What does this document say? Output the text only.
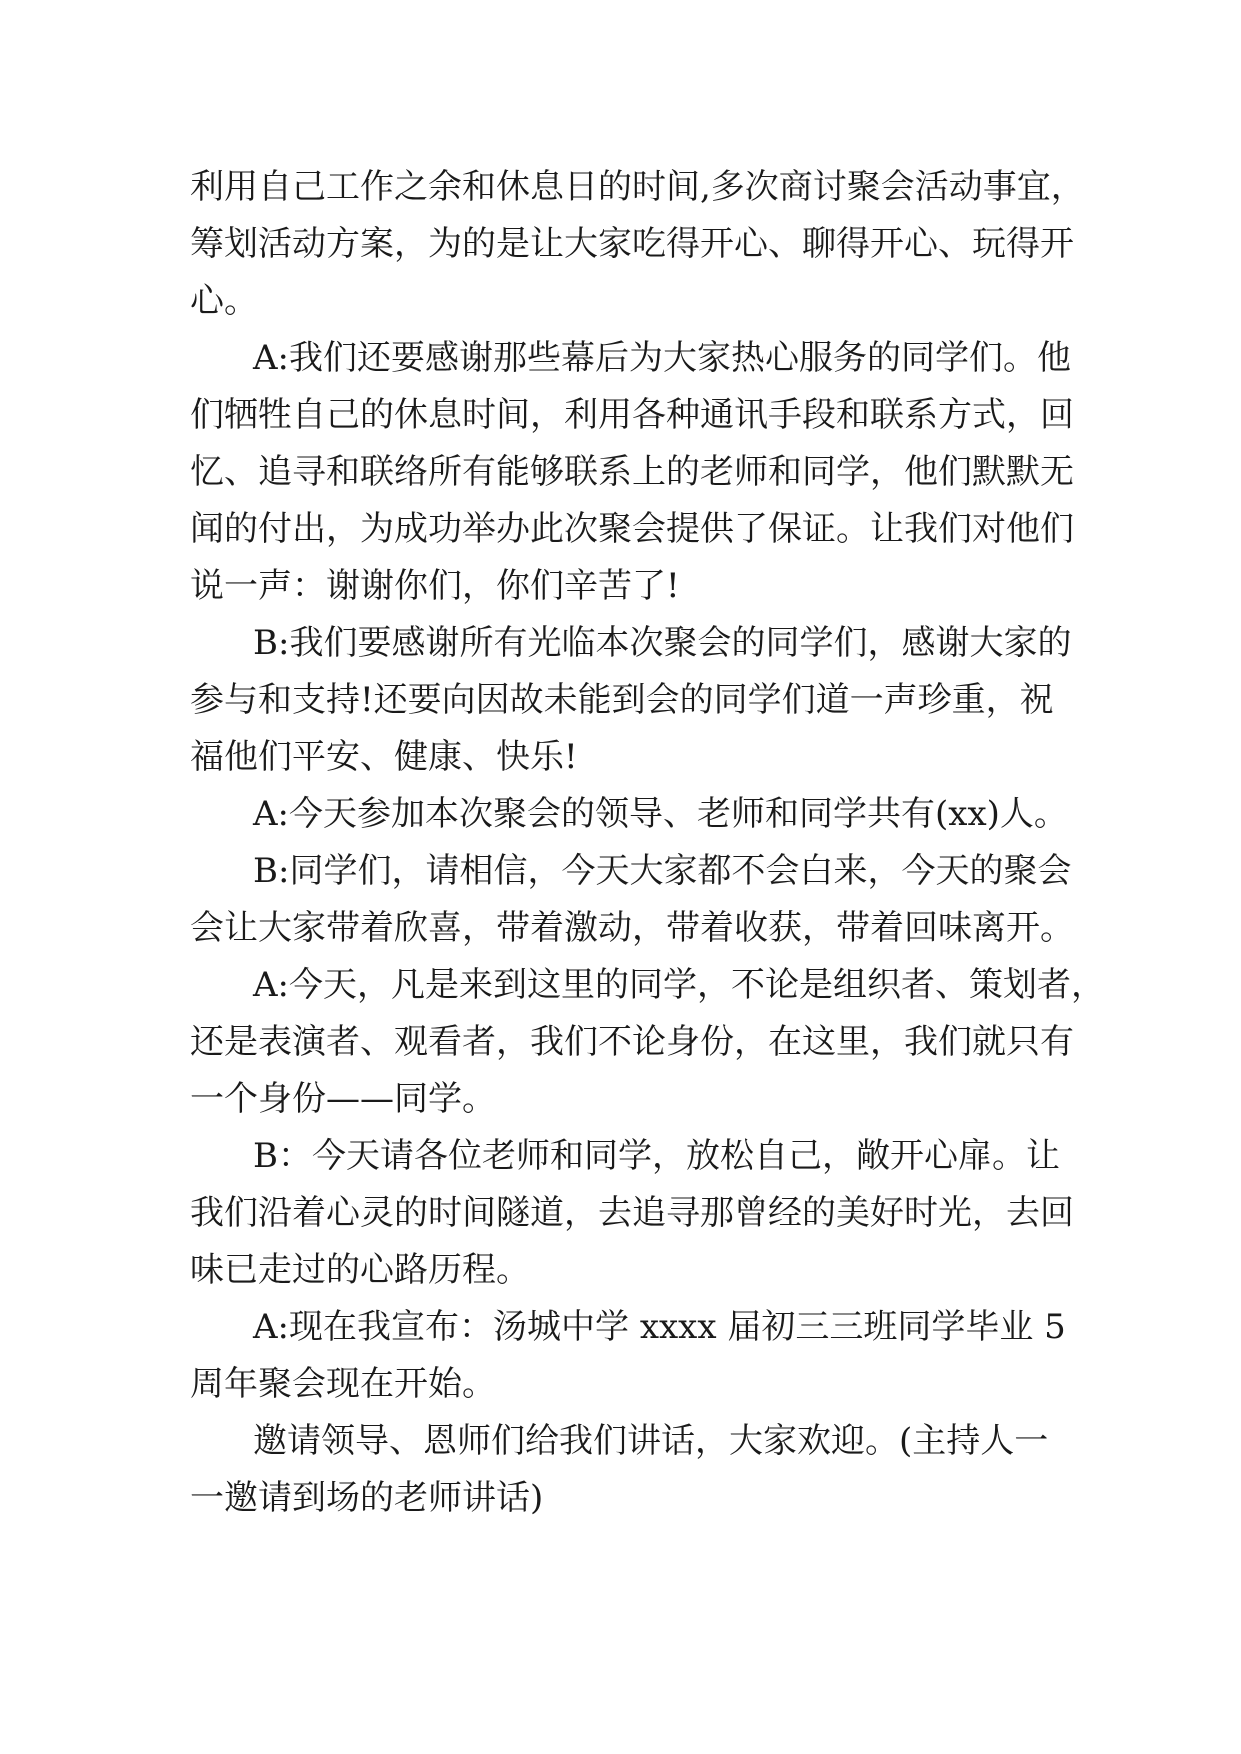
利用自己工作之余和休息日的时间,多次商讨聚会活动事宜，
筹划活动方案，为的是让大家吃得开心、聊得开心、玩得开
心。
A:我们还要感谢那些幕后为大家热心服务的同学们。他
们牺牲自己的休息时间，利用各种通讯手段和联系方式，回
忆、追寻和联络所有能够联系上的老师和同学，他们默默无
闻的付出，为成功举办此次聚会提供了保证。让我们对他们
说一声：谢谢你们，你们辛苦了!
B:我们要感谢所有光临本次聚会的同学们，感谢大家的
参与和支持!还要向因故未能到会的同学们道一声珍重，祝
福他们平安、健康、快乐!
A:今天参加本次聚会的领导、老师和同学共有(xx)人。
B:同学们，请相信，今天大家都不会白来，今天的聚会
会让大家带着欣喜，带着激动，带着收获，带着回味离开。
A:今天，凡是来到这里的同学，不论是组织者、策划者，
还是表演者、观看者，我们不论身份，在这里，我们就只有
一个身份——同学。
B：今天请各位老师和同学，放松自己，敞开心扉。让
我们沿着心灵的时间隧道，去追寻那曾经的美好时光，去回
味已走过的心路历程。
A:现在我宣布：汤城中学 xxxx 届初三三班同学毕业 5
周年聚会现在开始。
邀请领导、恩师们给我们讲话，大家欢迎。(主持人一
一邀请到场的老师讲话)
